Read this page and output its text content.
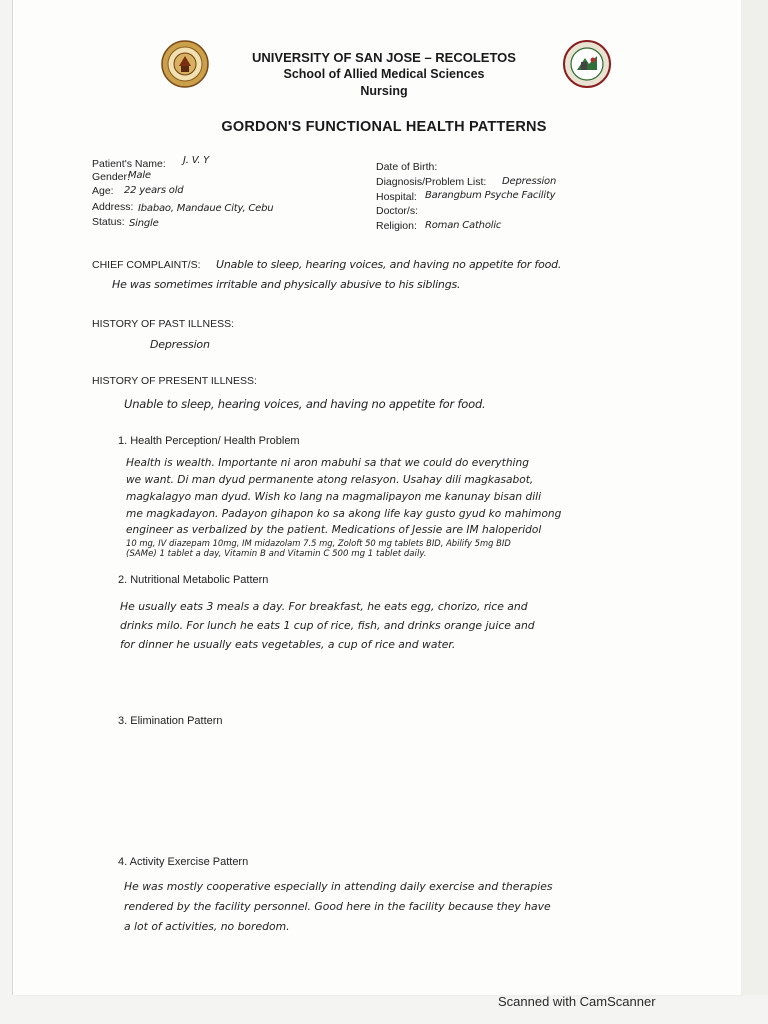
UNIVERSITY OF SAN JOSE – RECOLETOS
School of Allied Medical Sciences
Nursing
GORDON'S FUNCTIONAL HEALTH PATTERNS
Patient's Name: J. V. Y
Gender:
Male
Age: 22 years old
Address: Ibabao, Mandaue City, Cebu
Status: Single
Date of Birth:
Diagnosis/Problem List: Depression
Hospital: Barangbum Psyche Facility
Doctor/s:
Religion: Roman Catholic
CHIEF COMPLAINT/S: Unable to sleep, hearing voices, and having no appetite for food.
He was sometimes irritable and physically abusive to his siblings.
HISTORY OF PAST ILLNESS:
Depression
HISTORY OF PRESENT ILLNESS:
Unable to sleep, hearing voices, and having no appetite for food.
1. Health Perception/ Health Problem
Health is wealth. Importante ni aron mabuhi sa that we could do everything
we want. Di man dyud permanente atong relasyon. Usahay dili magkasabot,
magkalagyo man dyud. Wish ko lang na magmalipayon me kanunay bisan dili
me magkadayon. Padayon gihapon ko sa akong life kay gusto gyud ko mahimong
engineer as verbalized by the patient. Medications of Jessie are IM haloperidol
10 mg, IV diazepam 10mg, IM midazolam 7.5 mg, Zoloft 50 mg tablets BID, Abilify 5mg BID
(SAMe) 1 tablet a day, Vitamin B and Vitamin C 500 mg 1 tablet daily.
2. Nutritional Metabolic Pattern
He usually eats 3 meals a day. For breakfast, he eats egg, chorizo, rice and
drinks milo. For lunch he eats 1 cup of rice, fish, and drinks orange juice and
for dinner he usually eats vegetables, a cup of rice and water.
3. Elimination Pattern
4. Activity Exercise Pattern
He was mostly cooperative especially in attending daily exercise and therapies
rendered by the facility personnel. Good here in the facility because they have
a lot of activities, no boredom.
Scanned with CamScanner
